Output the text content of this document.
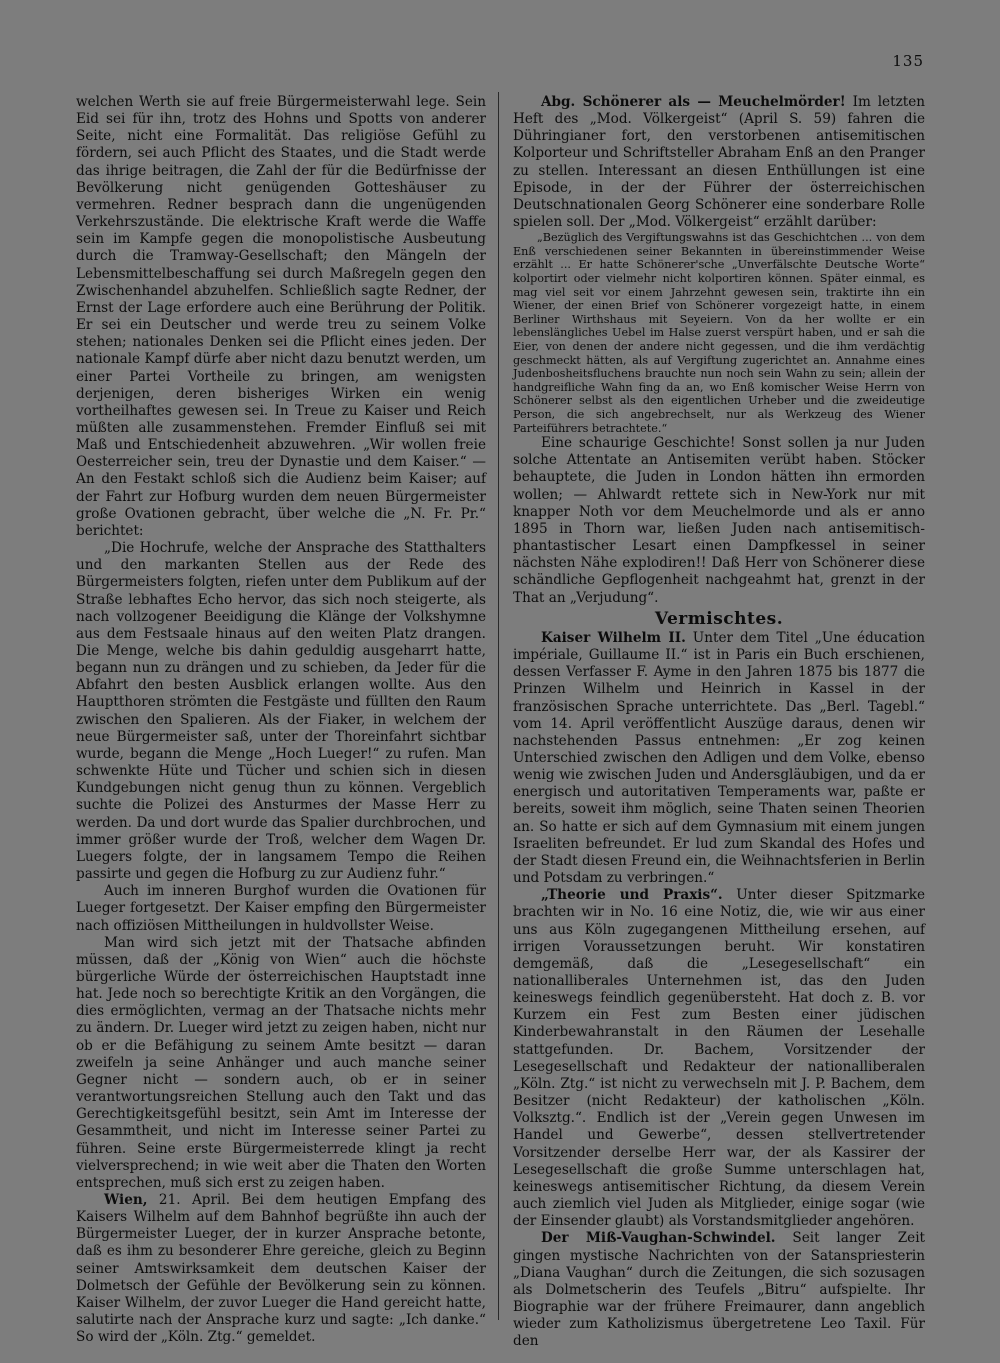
135

welchen Werth sie auf freie Bürgermeisterwahl lege. Sein Eid sei für ihn, trotz des Hohns und Spotts von anderer Seite, nicht eine Formalität. Das religiöse Gefühl zu fördern, sei auch Pflicht des Staates, und die Stadt werde das ihrige beitragen, die Zahl der für die Bedürfnisse der Bevölkerung nicht genügenden Gotteshäuser zu vermehren. Redner besprach dann die ungenügenden Verkehrszustände. Die elektrische Kraft werde die Waffe sein im Kampfe gegen die monopolistische Ausbeutung durch die Tramway-Gesellschaft; den Mängeln der Lebensmittelbeschaffung sei durch Maßregeln gegen den Zwischenhandel abzuhelfen. Schließlich sagte Redner, der Ernst der Lage erfordere auch eine Berührung der Politik. Er sei ein Deutscher und werde treu zu seinem Volke stehen; nationales Denken sei die Pflicht eines jeden. Der nationale Kampf dürfe aber nicht dazu benutzt werden, um einer Partei Vortheile zu bringen, am wenigsten derjenigen, deren bisheriges Wirken ein wenig vortheilhaftes gewesen sei. In Treue zu Kaiser und Reich müßten alle zusammenstehen. Fremder Einfluß sei mit Maß und Entschiedenheit abzuwehren. „Wir wollen freie Oesterreicher sein, treu der Dynastie und dem Kaiser.“ — An den Festakt schloß sich die Audienz beim Kaiser; auf der Fahrt zur Hofburg wurden dem neuen Bürgermeister große Ovationen gebracht, über welche die „N. Fr. Pr.“ berichtet:

„Die Hochrufe, welche der Ansprache des Statthalters und den markanten Stellen aus der Rede des Bürgermeisters folgten, riefen unter dem Publikum auf der Straße lebhaftes Echo hervor, das sich noch steigerte, als nach vollzogener Beeidigung die Klänge der Volkshymne aus dem Festsaale hinaus auf den weiten Platz drangen. Die Menge, welche bis dahin geduldig ausgeharrt hatte, begann nun zu drängen und zu schieben, da Jeder für die Abfahrt den besten Ausblick erlangen wollte. Aus den Hauptthoren strömten die Festgäste und füllten den Raum zwischen den Spalieren. Als der Fiaker, in welchem der neue Bürgermeister saß, unter der Thoreinfahrt sichtbar wurde, begann die Menge „Hoch Lueger!“ zu rufen. Man schwenkte Hüte und Tücher und schien sich in diesen Kundgebungen nicht genug thun zu können. Vergeblich suchte die Polizei des Ansturmes der Masse Herr zu werden. Da und dort wurde das Spalier durchbrochen, und immer größer wurde der Troß, welcher dem Wagen Dr. Luegers folgte, der in langsamem Tempo die Reihen passirte und gegen die Hofburg zu zur Audienz fuhr.“

Auch im inneren Burghof wurden die Ovationen für Lueger fortgesetzt. Der Kaiser empfing den Bürgermeister nach offiziösen Mittheilungen in huldvollster Weise.

Man wird sich jetzt mit der Thatsache abfinden müssen, daß der „König von Wien“ auch die höchste bürgerliche Würde der österreichischen Hauptstadt inne hat. Jede noch so berechtigte Kritik an den Vorgängen, die dies ermöglichten, vermag an der Thatsache nichts mehr zu ändern. Dr. Lueger wird jetzt zu zeigen haben, nicht nur ob er die Befähigung zu seinem Amte besitzt — daran zweifeln ja seine Anhänger und auch manche seiner Gegner nicht — sondern auch, ob er in seiner verantwortungsreichen Stellung auch den Takt und das Gerechtigkeitsgefühl besitzt, sein Amt im Interesse der Gesammtheit, und nicht im Interesse seiner Partei zu führen. Seine erste Bürgermeisterrede klingt ja recht vielversprechend; in wie weit aber die Thaten den Worten entsprechen, muß sich erst zu zeigen haben.

Wien, 21. April. Bei dem heutigen Empfang des Kaisers Wilhelm auf dem Bahnhof begrüßte ihn auch der Bürgermeister Lueger, der in kurzer Ansprache betonte, daß es ihm zu besonderer Ehre gereiche, gleich zu Beginn seiner Amtswirksamkeit dem deutschen Kaiser der Dolmetsch der Gefühle der Bevölkerung sein zu können. Kaiser Wilhelm, der zuvor Lueger die Hand gereicht hatte, salutirte nach der Ansprache kurz und sagte: „Ich danke.“ So wird der „Köln. Ztg.“ gemeldet.

Abg. Schönerer als — Meuchelmörder! Im letzten Heft des „Mod. Völkergeist“ (April S. 59) fahren die Dühringianer fort, den verstorbenen antisemitischen Kolporteur und Schriftsteller Abraham Enß an den Pranger zu stellen. Interessant an diesen Enthüllungen ist eine Episode, in der der Führer der österreichischen Deutschnationalen Georg Schönerer eine sonderbare Rolle spielen soll. Der „Mod. Völkergeist“ erzählt darüber:

„Bezüglich des Vergiftungswahns ist das Geschichtchen ... von dem Enß verschiedenen seiner Bekannten in übereinstimmender Weise erzählt ... Er hatte Schönerer'sche „Unverfälschte Deutsche Worte“ kolportirt oder vielmehr nicht kolportiren können. Später einmal, es mag viel seit vor einem Jahrzehnt gewesen sein, traktirte ihn ein Wiener, der einen Brief von Schönerer vorgezeigt hatte, in einem Berliner Wirthshaus mit Seyeiern. Von da her wollte er ein lebenslängliches Uebel im Halse zuerst verspürt haben, und er sah die Eier, von denen der andere nicht gegessen, und die ihm verdächtig geschmeckt hätten, als auf Vergiftung zugerichtet an. Annahme eines Judenbosheitsfluchens brauchte nun noch sein Wahn zu sein; allein der handgreifliche Wahn fing da an, wo Enß komischer Weise Herrn von Schönerer selbst als den eigentlichen Urheber und die zweideutige Person, die sich angebrechselt, nur als Werkzeug des Wiener Parteiführers betrachtete.“

Eine schaurige Geschichte! Sonst sollen ja nur Juden solche Attentate an Antisemiten verübt haben. Stöcker behauptete, die Juden in London hätten ihn ermorden wollen; — Ahlwardt rettete sich in New-York nur mit knapper Noth vor dem Meuchelmorde und als er anno 1895 in Thorn war, ließen Juden nach antisemitisch-phantastischer Lesart einen Dampfkessel in seiner nächsten Nähe explodiren!! Daß Herr von Schönerer diese schändliche Gepflogenheit nachgeahmt hat, grenzt in der That an „Verjudung“.

Vermischtes.

Kaiser Wilhelm II. Unter dem Titel „Une éducation impériale, Guillaume II.“ ist in Paris ein Buch erschienen, dessen Verfasser F. Ayme in den Jahren 1875 bis 1877 die Prinzen Wilhelm und Heinrich in Kassel in der französischen Sprache unterrichtete. Das „Berl. Tagebl.“ vom 14. April veröffentlicht Auszüge daraus, denen wir nachstehenden Passus entnehmen: „Er zog keinen Unterschied zwischen den Adligen und dem Volke, ebenso wenig wie zwischen Juden und Andersgläubigen, und da er energisch und autoritativen Temperaments war, paßte er bereits, soweit ihm möglich, seine Thaten seinen Theorien an. So hatte er sich auf dem Gymnasium mit einem jungen Israeliten befreundet. Er lud zum Skandal des Hofes und der Stadt diesen Freund ein, die Weihnachtsferien in Berlin und Potsdam zu verbringen.“

„Theorie und Praxis“. Unter dieser Spitzmarke brachten wir in No. 16 eine Notiz, die, wie wir aus einer uns aus Köln zugegangenen Mittheilung ersehen, auf irrigen Voraussetzungen beruht. Wir konstatiren demgemäß, daß die „Lesegesellschaft“ ein nationalliberales Unternehmen ist, das den Juden keineswegs feindlich gegenübersteht. Hat doch z. B. vor Kurzem ein Fest zum Besten einer jüdischen Kinderbewahranstalt in den Räumen der Lesehalle stattgefunden. Dr. Bachem, Vorsitzender der Lesegesellschaft und Redakteur der nationalliberalen „Köln. Ztg.“ ist nicht zu verwechseln mit J. P. Bachem, dem Besitzer (nicht Redakteur) der katholischen „Köln. Volksztg.“. Endlich ist der „Verein gegen Unwesen im Handel und Gewerbe“, dessen stellvertretender Vorsitzender derselbe Herr war, der als Kassirer der Lesegesellschaft die große Summe unterschlagen hat, keineswegs antisemitischer Richtung, da diesem Verein auch ziemlich viel Juden als Mitglieder, einige sogar (wie der Einsender glaubt) als Vorstandsmitglieder angehören.

Der Miß-Vaughan-Schwindel. Seit langer Zeit gingen mystische Nachrichten von der Satanspriesterin „Diana Vaughan“ durch die Zeitungen, die sich sozusagen als Dolmetscherin des Teufels „Bitru“ aufspielte. Ihr Biographie war der frühere Freimaurer, dann angeblich wieder zum Katholizismus übergetretene Leo Taxil. Für den
